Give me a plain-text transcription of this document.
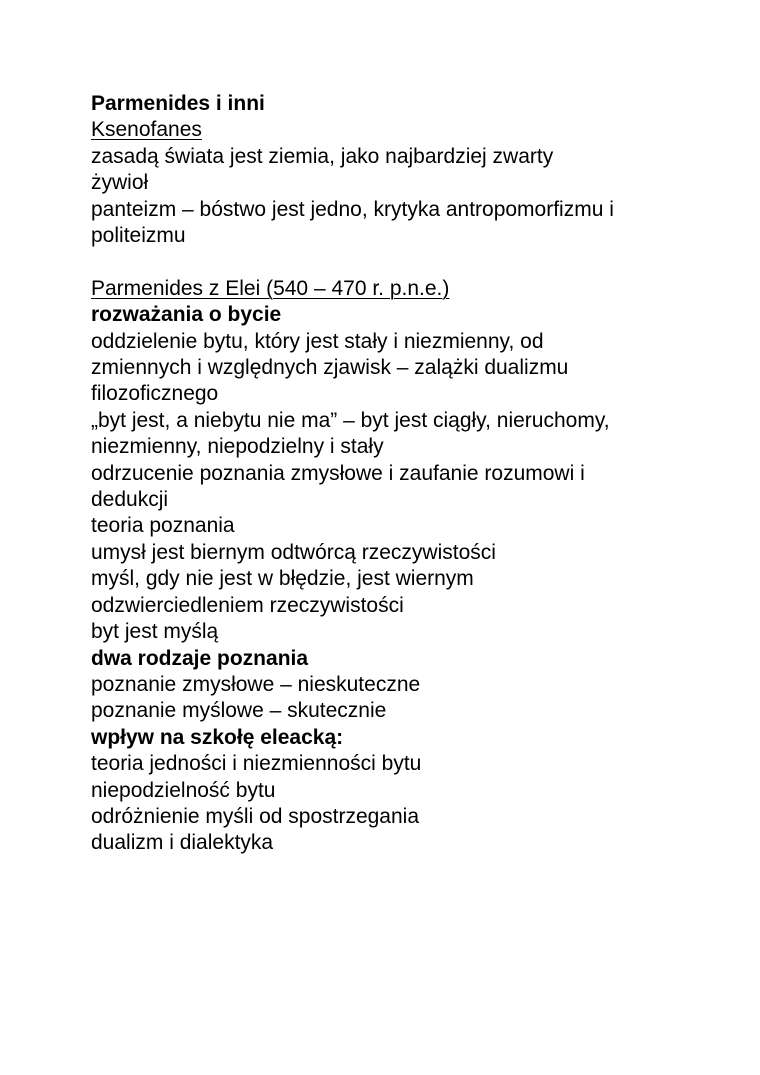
Parmenides i inni
Ksenofanes
zasadą świata jest ziemia, jako najbardziej zwarty
żywioł
panteizm – bóstwo jest jedno, krytyka antropomorfizmu i
politeizmu
Parmenides z Elei (540 – 470 r. p.n.e.)
rozważania o bycie
oddzielenie bytu, który jest stały i niezmienny, od
zmiennych i względnych zjawisk – zalążki dualizmu
filozoficznego
„byt jest, a niebytu nie ma” – byt jest ciągły, nieruchomy,
niezmienny, niepodzielny i stały
odrzucenie poznania zmysłowe i zaufanie rozumowi i
dedukcji
teoria poznania
umysł jest biernym odtwórcą rzeczywistości
myśl, gdy nie jest w błędzie, jest wiernym
odzwierciedleniem rzeczywistości
byt jest myślą
dwa rodzaje poznania
poznanie zmysłowe – nieskuteczne
poznanie myślowe – skutecznie
wpływ na szkołę eleacką:
teoria jedności i niezmienności bytu
niepodzielność bytu
odróżnienie myśli od spostrzegania
dualizm i dialektyka
